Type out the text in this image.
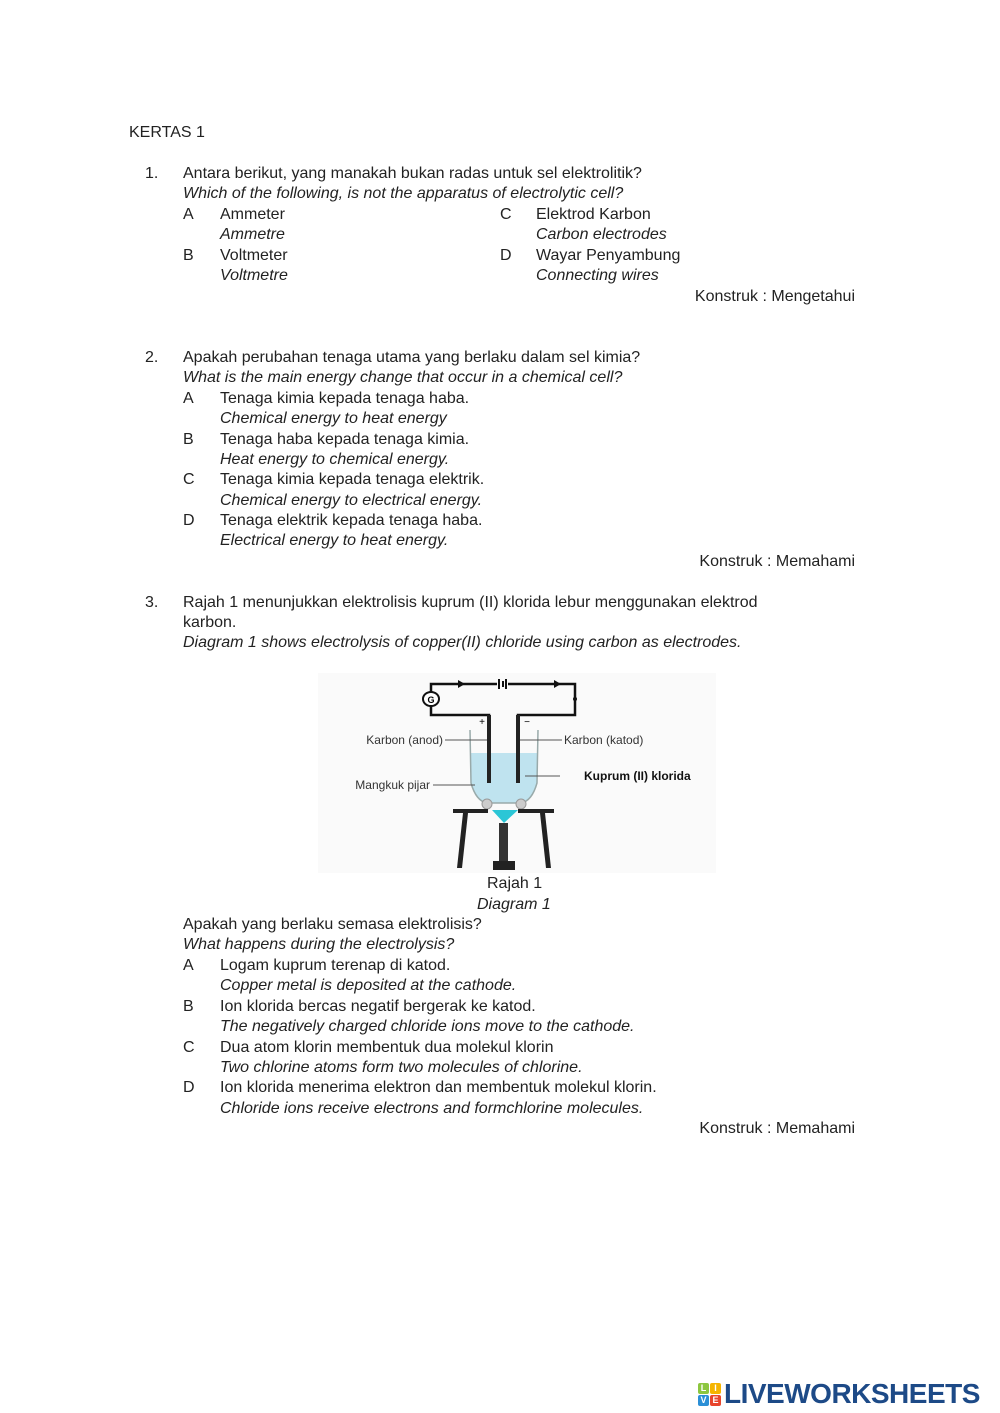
KERTAS 1
1. Antara berikut, yang manakah bukan radas untuk sel elektrolitik?
Which of the following, is not the apparatus of electrolytic cell?
A Ammeter
Ammetre
B Voltmeter
Voltmetre
C Elektrod Karbon
Carbon electrodes
D Wayar Penyambung
Connecting wires
Konstruk : Mengetahui
2. Apakah perubahan tenaga utama yang berlaku dalam sel kimia?
What is the main energy change that occur in a chemical cell?
A Tenaga kimia kepada tenaga haba.
Chemical energy to heat energy
B Tenaga haba kepada tenaga kimia.
Heat energy to chemical energy.
C Tenaga kimia kepada tenaga elektrik.
Chemical energy to electrical energy.
D Tenaga elektrik kepada tenaga haba.
Electrical energy to heat energy.
Konstruk : Memahami
3. Rajah 1 menunjukkan elektrolisis kuprum (II) klorida lebur menggunakan elektrod
karbon.
Diagram 1 shows electrolysis of copper(II) chloride using carbon as electrodes.
G
+	−
Karbon (anod)	Karbon (katod)
Mangkuk pijar
Kuprum (II) klorida
Rajah 1
Diagram 1
Apakah yang berlaku semasa elektrolisis?
What happens during the electrolysis?
A Logam kuprum terenap di katod.
Copper metal is deposited at the cathode.
B Ion klorida bercas negatif bergerak ke katod.
The negatively charged chloride ions move to the cathode.
C Dua atom klorin membentuk dua molekul klorin
Two chlorine atoms form two molecules of chlorine.
D Ion klorida menerima elektron dan membentuk molekul klorin.
Chloride ions receive electrons and formchlorine molecules.
Konstruk : Memahami
L I
V E LIVEWORKSHEETS
